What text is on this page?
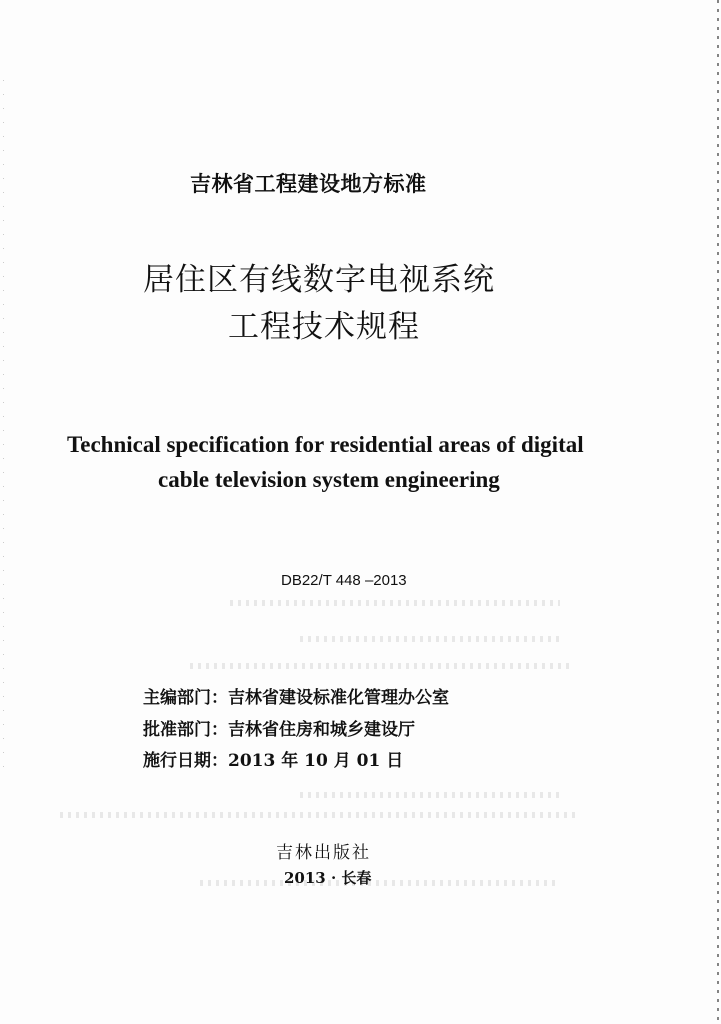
吉林省工程建设地方标准
居住区有线数字电视系统
工程技术规程
Technical specification for residential areas of digital
cable television system engineering
DB22/T 448 –2013
主编部门：吉林省建设标准化管理办公室
批准部门：吉林省住房和城乡建设厅
施行日期：2013 年 10 月 01 日
吉林出版社
2013 · 长春
